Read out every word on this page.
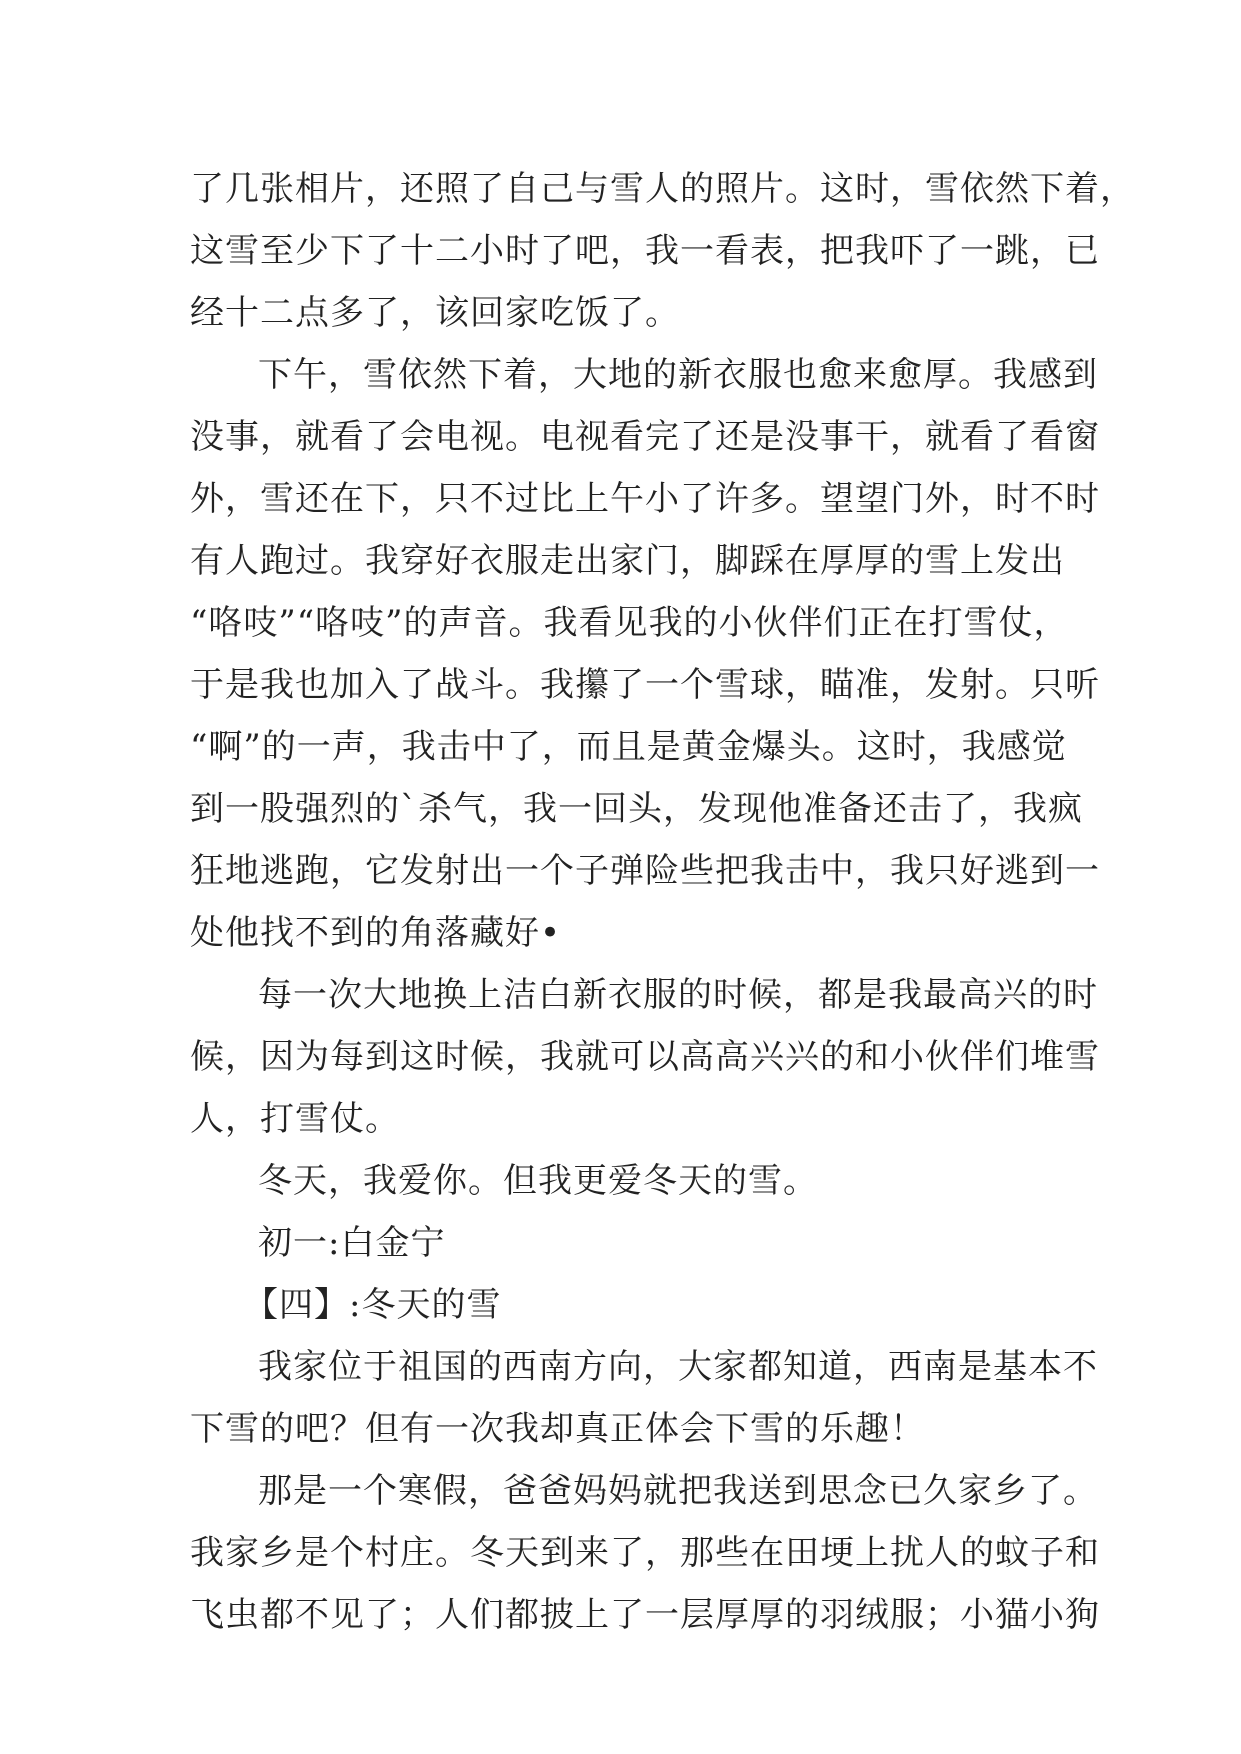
了几张相片，还照了自己与雪人的照片。这时，雪依然下着，
这雪至少下了十二小时了吧，我一看表，把我吓了一跳，已
经十二点多了，该回家吃饭了。
下午，雪依然下着，大地的新衣服也愈来愈厚。我感到
没事，就看了会电视。电视看完了还是没事干，就看了看窗
外，雪还在下，只不过比上午小了许多。望望门外，时不时
有人跑过。我穿好衣服走出家门，脚踩在厚厚的雪上发出
“咯吱”“咯吱”的声音。我看见我的小伙伴们正在打雪仗，
于是我也加入了战斗。我攥了一个雪球，瞄准，发射。只听
“啊”的一声，我击中了，而且是黄金爆头。这时，我感觉
到一股强烈的`杀气，我一回头，发现他准备还击了，我疯
狂地逃跑，它发射出一个子弹险些把我击中，我只好逃到一
处他找不到的角落藏好•
每一次大地换上洁白新衣服的时候，都是我最高兴的时
候，因为每到这时候，我就可以高高兴兴的和小伙伴们堆雪
人，打雪仗。
冬天，我爱你。但我更爱冬天的雪。
初一:白金宁
【四】:冬天的雪
我家位于祖国的西南方向，大家都知道，西南是基本不
下雪的吧？但有一次我却真正体会下雪的乐趣！
那是一个寒假，爸爸妈妈就把我送到思念已久家乡了。
我家乡是个村庄。冬天到来了，那些在田埂上扰人的蚊子和
飞虫都不见了；人们都披上了一层厚厚的羽绒服；小猫小狗
